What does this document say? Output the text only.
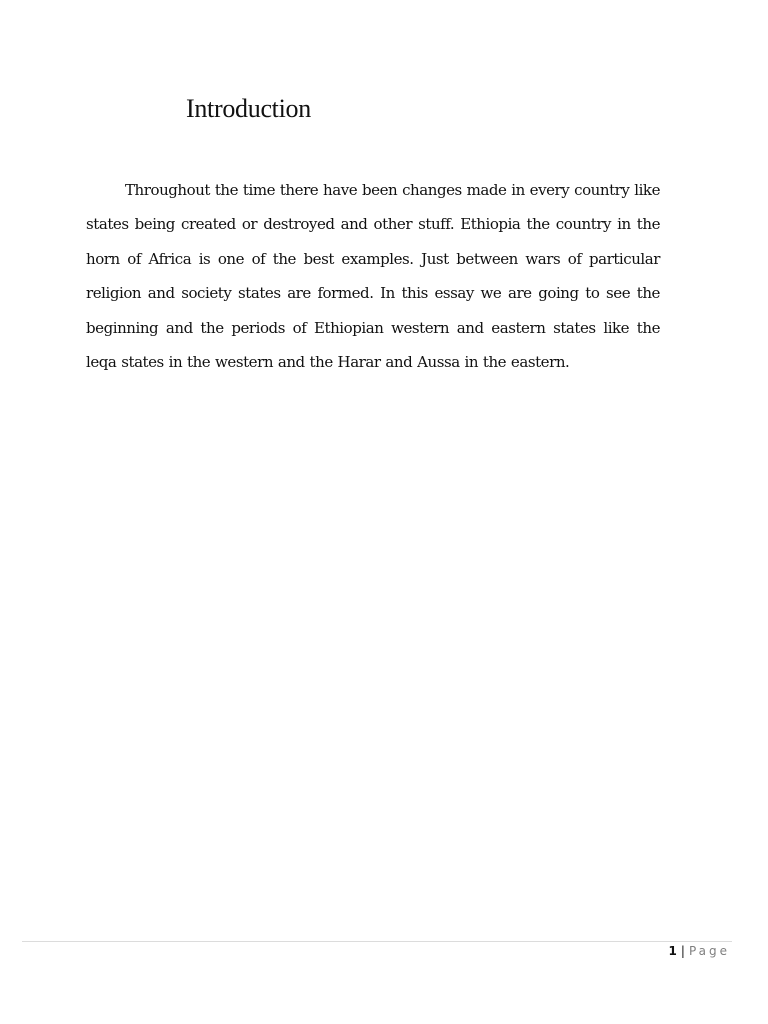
Introduction

Throughout the time there have been changes made in every country like states being created or destroyed and other stuff. Ethiopia the country in the horn of Africa is one of the best examples. Just between wars of particular religion and society states are formed. In this essay we are going to see the beginning and the periods of Ethiopian western and eastern states like the leqa states in the western and the Harar and Aussa in the eastern.

1 | Page
